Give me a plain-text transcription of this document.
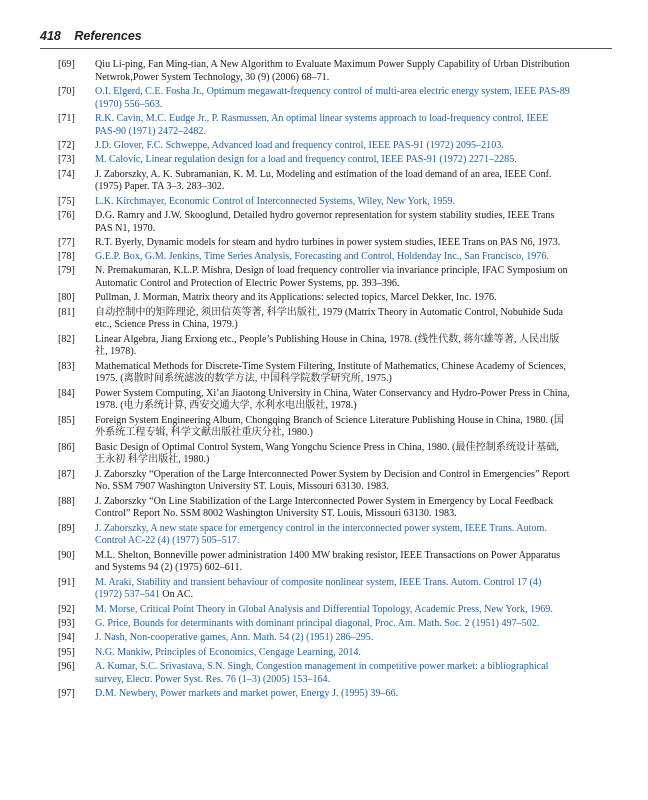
418 References
[69]	Qiu Li-ping, Fan Ming-tian, A New Algorithm to Evaluate Maximum Power Supply Capability of Urban Distribution Netwrok,Power System Technology, 30 (9) (2006) 68–71.
[70]	O.I. Elgerd, C.E. Fosha Jr., Optimum megawatt-frequency control of multi-area electric energy system, IEEE PAS-89 (1970) 556–563.
[71]	R.K. Cavin, M.C. Eudge Jr., P. Rasmussen, An optimal linear systems approach to load-frequency control, IEEE PAS-90 (1971) 2472–2482.
[72]	J.D. Glover, F.C. Schweppe, Advanced load and frequency control, IEEE PAS-91 (1972) 2095–2103.
[73]	M. Calovic, Linear regulation design for a load and frequency control, IEEE PAS-91 (1972) 2271–2285.
[74]	J. Zaborszky, A. K. Subramanian, K. M. Lu, Modeling and estimation of the load demand of an area, IEEE Conf. (1975) Paper. TA 3–3. 283–302.
[75]	L.K. Kirchmayer, Economic Control of Interconnected Systems, Wiley, New York, 1959.
[76]	D.G. Ramry and J.W. Skooglund, Detailed hydro governor representation for system stability studies, IEEE Trans PAS N1, 1970.
[77]	R.T. Byerly, Dynamic models for steam and hydro turbines in power system studies, IEEE Trans on PAS N6, 1973.
[78]	G.E.P. Box, G.M. Jenkins, Time Series Analysis, Forecasting and Control, Holdenday Inc., San Francisco, 1976.
[79]	N. Premakumaran, K.L.P. Mishra, Design of load frequency controller via invariance principle, IFAC Symposium on Automatic Control and Protection of Electric Power Systems, pp. 393–396.
[80]	Pullman, J. Morman, Matrix theory and its Applications: selected topics, Marcel Dekker, Inc. 1976.
[81]	自动控制中的矩阵理论, 须田信英等著, 科学出版社, 1979 (Matrix Theory in Automatic Control, Nobuhide Suda etc., Science Press in China, 1979.)
[82]	Linear Algebra, Jiang Erxiong etc., People’s Publishing House in China, 1978. (线性代数, 蒋尔雄等著, 人民出版社, 1978).
[83]	Mathematical Methods for Discrete-Time System Filtering, Institute of Mathematics, Chinese Academy of Sciences, 1975. (离散时间系统滤波的数学方法, 中国科学院数学研究所, 1975.)
[84]	Power System Computing, Xi’an Jiaotong University in China, Water Conservancy and Hydro-Power Press in China, 1978. (电力系统计算, 西安交通大学, 水利水电出版社, 1978.)
[85]	Foreign System Engineering Album, Chongqing Branch of Science Literature Publishing House in China, 1980. (国外系统工程专辑, 科学文献出版社重庆分社, 1980.)
[86]	Basic Design of Optimal Control System, Wang Yongchu Science Press in China, 1980. (最佳控制系统设计基础, 王永初 科学出版社, 1980.)
[87]	J. Zaborszky “Operation of the Large Interconnected Power System by Decision and Control in Emergencies” Report No. SSM 7907 Washington University ST. Louis, Missouri 63130. 1983.
[88]	J. Zaborszky “On Line Stabilization of the Large Interconnected Power System in Emergency by Local Feedback Control” Report No. SSM 8002 Washington University ST. Louis, Missouri 63130. 1983.
[89]	J. Zaborszky, A new state space for emergency control in the interconnected power system, IEEE Trans. Autom. Control AC-22 (4) (1977) 505–517.
[90]	M.L. Shelton, Bonneville power administration 1400 MW braking resistor, IEEE Transactions on Power Apparatus and Systems 94 (2) (1975) 602–611.
[91]	M. Araki, Stability and transient behaviour of composite nonlinear system, IEEE Trans. Autom. Control 17 (4) (1972) 537–541 On AC.
[92]	M. Morse, Critical Point Theory in Global Analysis and Differential Topology, Academic Press, New York, 1969.
[93]	G. Price, Bounds for determinants with dominant principal diagonal, Proc. Am. Math. Soc. 2 (1951) 497–502.
[94]	J. Nash, Non-cooperative games, Ann. Math. 54 (2) (1951) 286–295.
[95]	N.G. Mankiw, Principles of Economics, Cengage Learning, 2014.
[96]	A. Kumar, S.C. Srivastava, S.N. Singh, Congestion management in competitive power market: a bibliographical survey, Electr. Power Syst. Res. 76 (1–3) (2005) 153–164.
[97]	D.M. Newbery, Power markets and market power, Energy J. (1995) 39–66.
